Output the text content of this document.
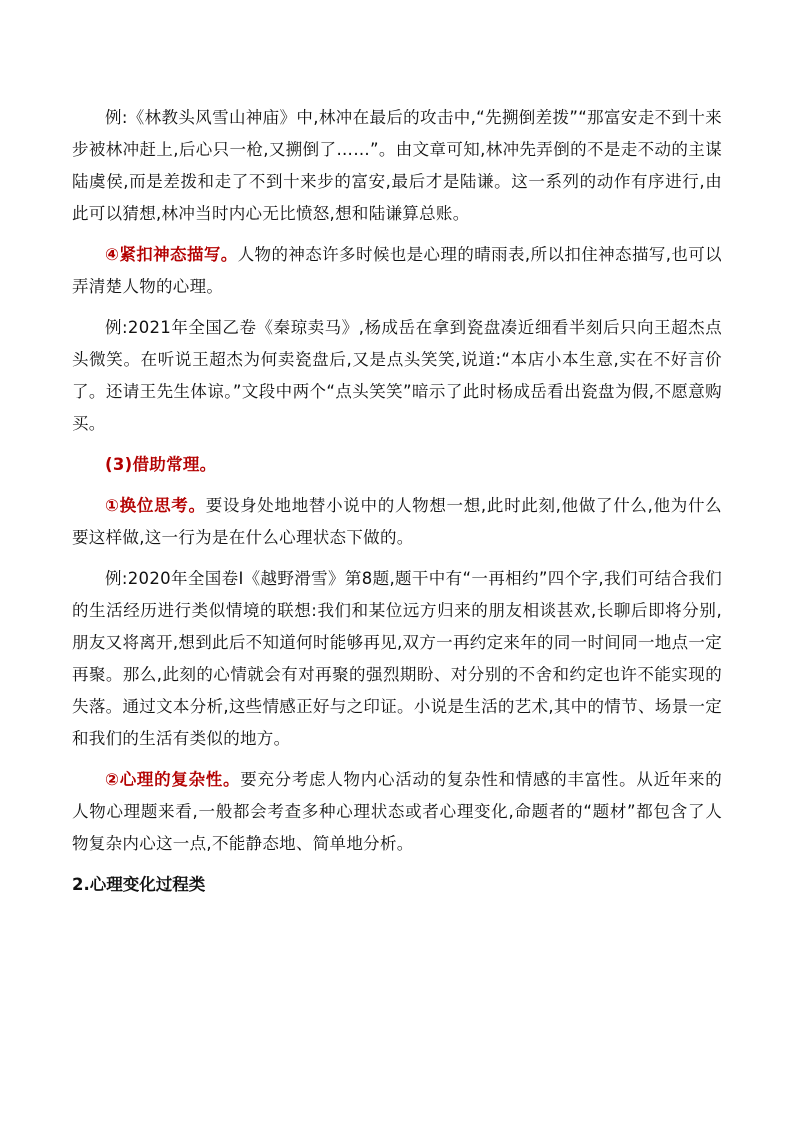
例:《林教头风雪山神庙》中,林冲在最后的攻击中,“先搠倒差拨”“那富安走不到十来步被林冲赶上,后心只一枪,又搠倒了……”。由文章可知,林冲先弄倒的不是走不动的主谋陆虞侯,而是差拨和走了不到十来步的富安,最后才是陆谦。这一系列的动作有序进行,由此可以猜想,林冲当时内心无比愤怒,想和陆谦算总账。

④紧扣神态描写。人物的神态许多时候也是心理的晴雨表,所以扣住神态描写,也可以弄清楚人物的心理。

例:2021年全国乙卷《秦琼卖马》,杨成岳在拿到瓷盘凑近细看半刻后只向王超杰点头微笑。在听说王超杰为何卖瓷盘后,又是点头笑笑,说道:“本店小本生意,实在不好言价了。还请王先生体谅。”文段中两个“点头笑笑”暗示了此时杨成岳看出瓷盘为假,不愿意购买。

(3)借助常理。

①换位思考。要设身处地地替小说中的人物想一想,此时此刻,他做了什么,他为什么要这样做,这一行为是在什么心理状态下做的。

例:2020年全国卷Ⅰ《越野滑雪》第8题,题干中有“一再相约”四个字,我们可结合我们的生活经历进行类似情境的联想:我们和某位远方归来的朋友相谈甚欢,长聊后即将分别,朋友又将离开,想到此后不知道何时能够再见,双方一再约定来年的同一时间同一地点一定再聚。那么,此刻的心情就会有对再聚的强烈期盼、对分别的不舍和约定也许不能实现的失落。通过文本分析,这些情感正好与之印证。小说是生活的艺术,其中的情节、场景一定和我们的生活有类似的地方。

②心理的复杂性。要充分考虑人物内心活动的复杂性和情感的丰富性。从近年来的人物心理题来看,一般都会考查多种心理状态或者心理变化,命题者的“题材”都包含了人物复杂内心这一点,不能静态地、简单地分析。

2.心理变化过程类
